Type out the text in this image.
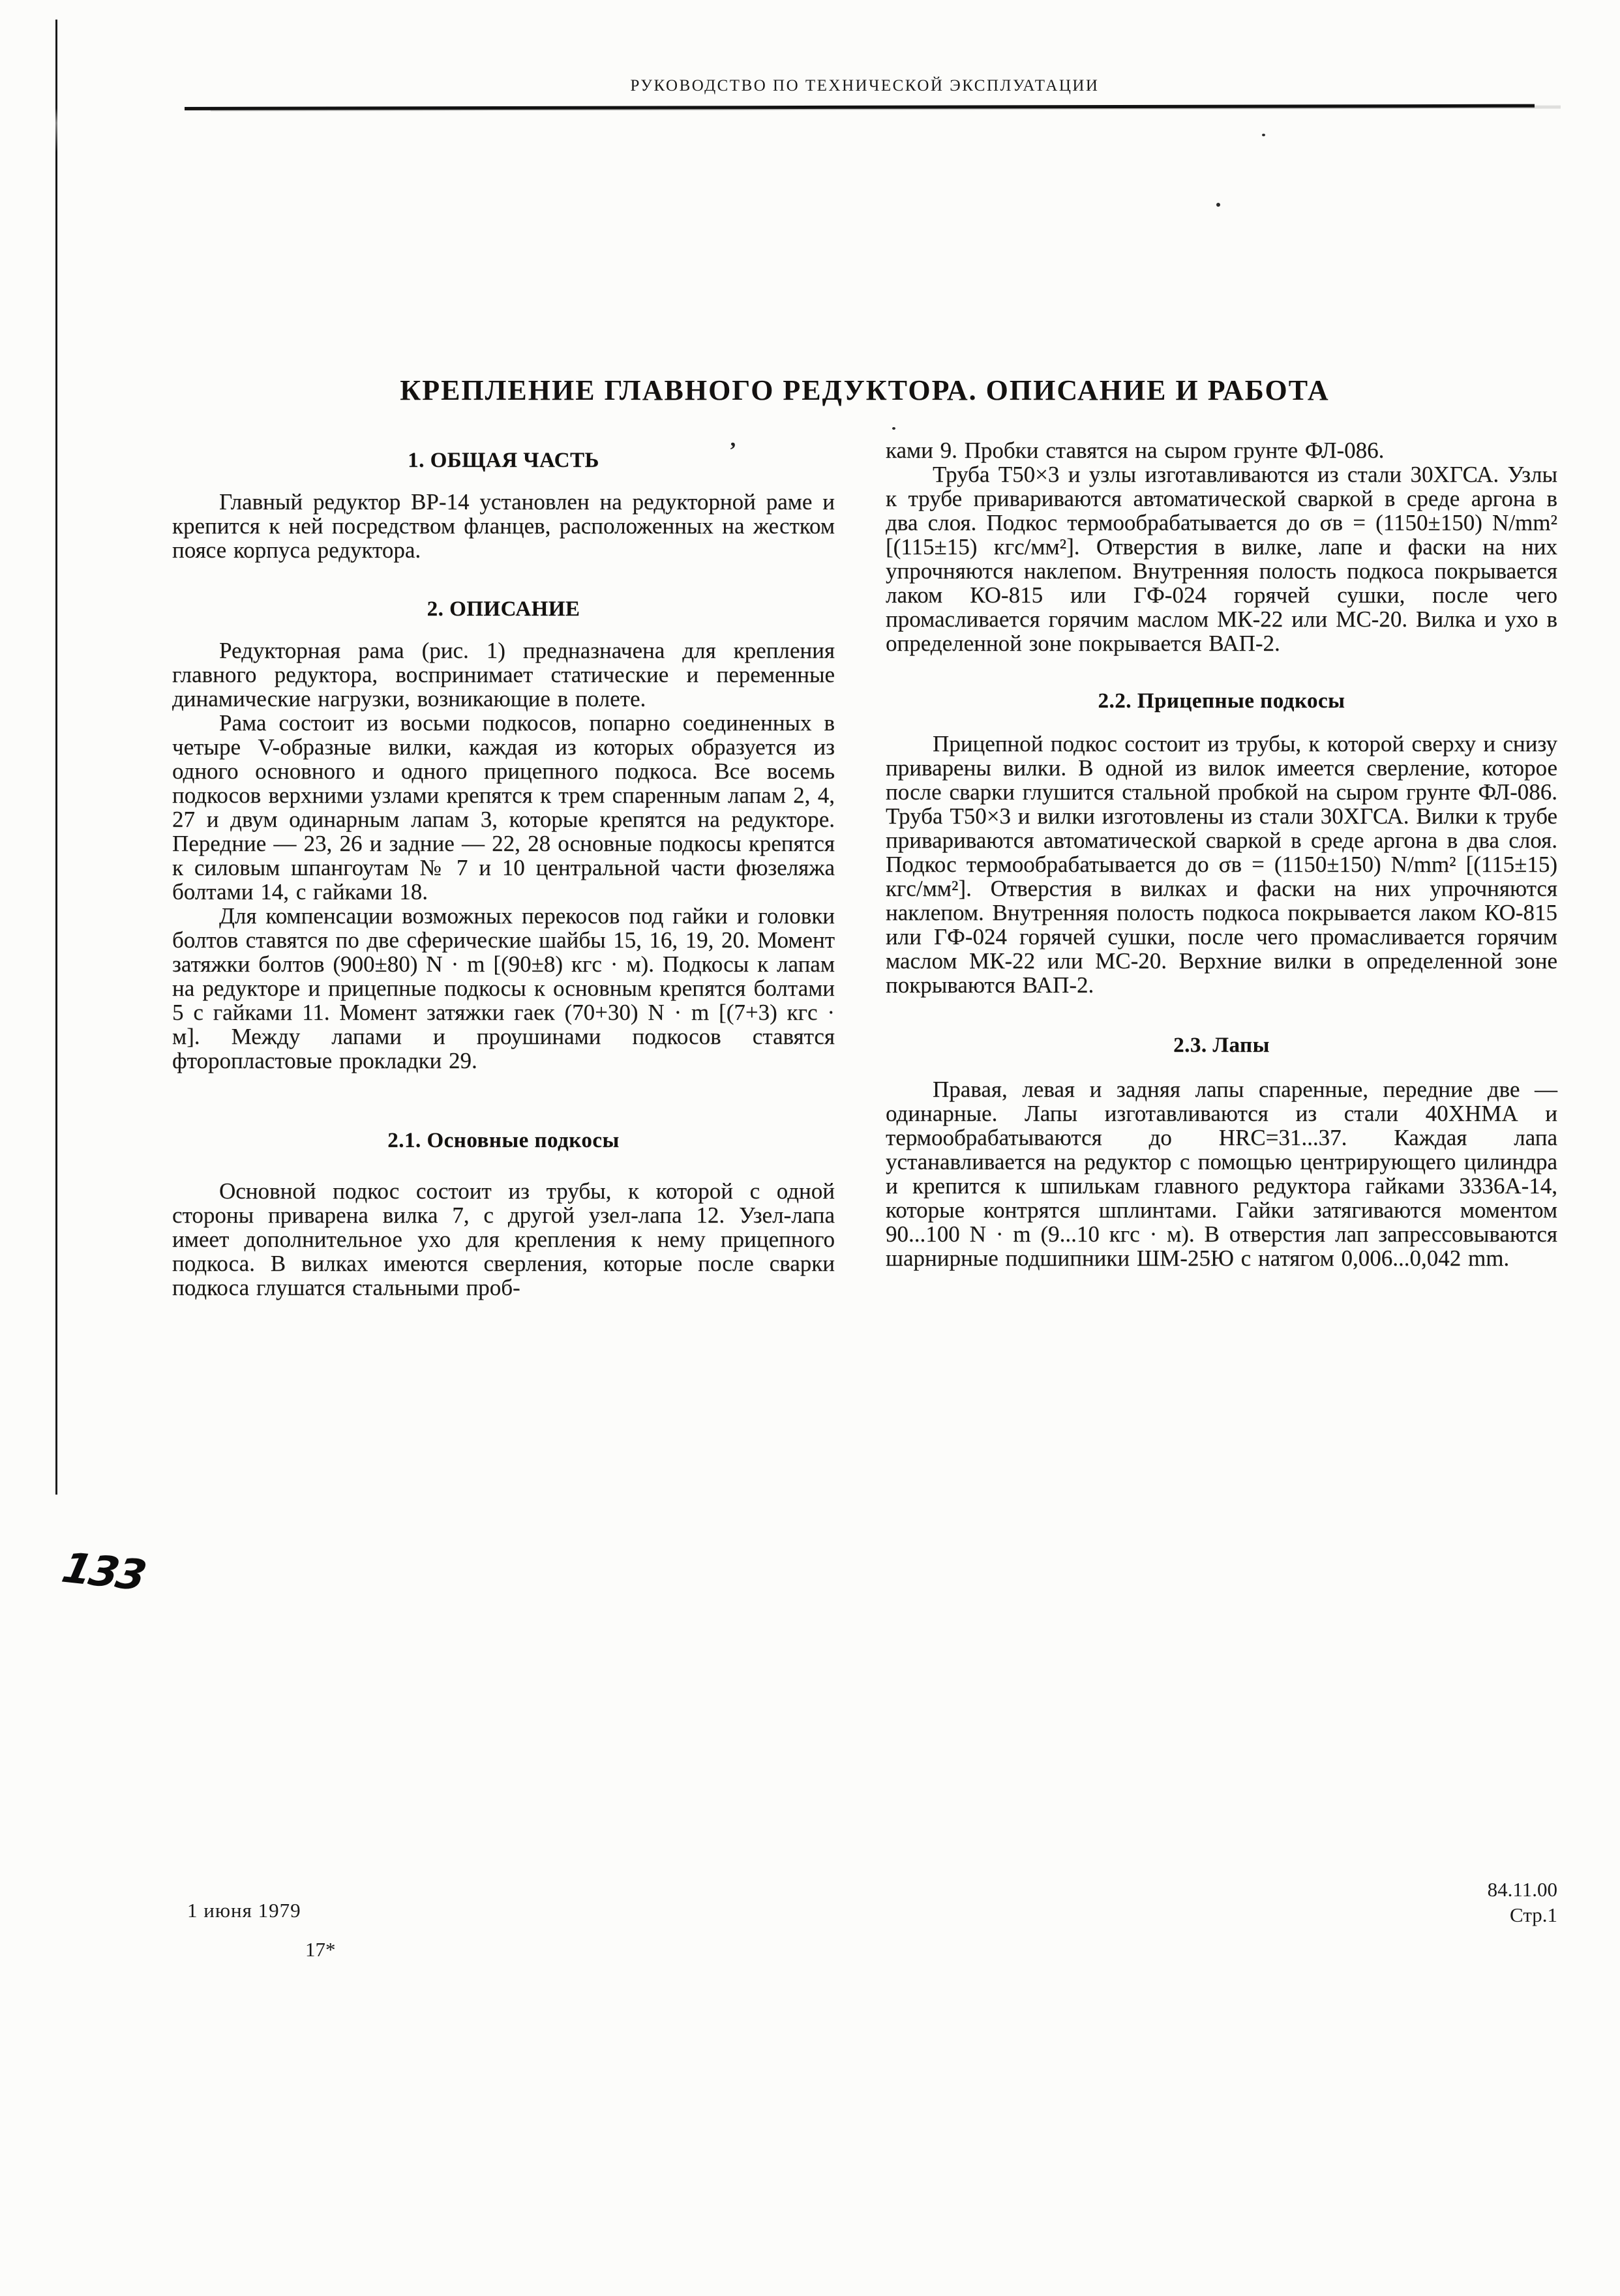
РУКОВОДСТВО ПО ТЕХНИЧЕСКОЙ ЭКСПЛУАТАЦИИ
КРЕПЛЕНИЕ ГЛАВНОГО РЕДУКТОРА. ОПИСАНИЕ И РАБОТА
’
1. ОБЩАЯ ЧАСТЬ

Главный редуктор ВР-14 установлен на редукторной раме и крепится к ней посредством фланцев, расположенных на жестком поясе корпуса редуктора.

2. ОПИСАНИЕ

Редукторная рама (рис. 1) предназначена для крепления главного редуктора, воспринимает статические и переменные динамические нагрузки, возникающие в полете.

Рама состоит из восьми подкосов, попарно соединенных в четыре V-образные вилки, каждая из которых образуется из одного основного и одного прицепного подкоса. Все восемь подкосов верхними узлами крепятся к трем спаренным лапам 2, 4, 27 и двум одинарным лапам 3, которые крепятся на редукторе. Передние — 23, 26 и задние — 22, 28 основные подкосы крепятся к силовым шпангоутам № 7 и 10 центральной части фюзеляжа болтами 14, с гайками 18.

Для компенсации возможных перекосов под гайки и головки болтов ставятся по две сферические шайбы 15, 16, 19, 20. Момент затяжки болтов (900±80) N · m [(90±8) кгс · м). Подкосы к лапам на редукторе и прицепные подкосы к основным крепятся болтами 5 с гайками 11. Момент затяжки гаек (70+30) N · m [(7+3) кгс · м]. Между лапами и проушинами подкосов ставятся фторопластовые прокладки 29.

2.1. Основные подкосы

Основной подкос состоит из трубы, к которой с одной стороны приварена вилка 7, с другой узел-лапа 12. Узел-лапа имеет дополнительное ухо для крепления к нему прицепного подкоса. В вилках имеются сверления, которые после сварки подкоса глушатся стальными проб-

ками 9. Пробки ставятся на сыром грунте ФЛ-086.

Труба Т50×3 и узлы изготавливаются из стали 30ХГСА. Узлы к трубе привариваются автоматической сваркой в среде аргона в два слоя. Подкос термообрабатывается до σв = (1150±150) N/mm² [(115±15) кгс/мм²]. Отверстия в вилке, лапе и фаски на них упрочняются наклепом. Внутренняя полость подкоса покрывается лаком КО-815 или ГФ-024 горячей сушки, после чего промасливается горячим маслом МК-22 или МС-20. Вилка и ухо в определенной зоне покрывается ВАП-2.

2.2. Прицепные подкосы

Прицепной подкос состоит из трубы, к которой сверху и снизу приварены вилки. В одной из вилок имеется сверление, которое после сварки глушится стальной пробкой на сыром грунте ФЛ-086. Труба Т50×3 и вилки изготовлены из стали 30ХГСА. Вилки к трубе привариваются автоматической сваркой в среде аргона в два слоя. Подкос термообрабатывается до σв = (1150±150) N/mm² [(115±15) кгс/мм²]. Отверстия в вилках и фаски на них упрочняются наклепом. Внутренняя полость подкоса покрывается лаком КО-815 или ГФ-024 горячей сушки, после чего промасливается горячим маслом МК-22 или МС-20. Верхние вилки в определенной зоне покрываются ВАП-2.

2.3. Лапы

Правая, левая и задняя лапы спаренные, передние две — одинарные. Лапы изготавливаются из стали 40ХНМА и термообрабатываются до HRC=31...37. Каждая лапа устанавливается на редуктор с помощью центрирующего цилиндра и крепится к шпилькам главного редуктора гайками 3336А-14, которые контрятся шплинтами. Гайки затягиваются моментом 90...100 N · m (9...10 кгс · м). В отверстия лап запрессовываются шарнирные подшипники ШМ-25Ю с натягом 0,006...0,042 mm.

133
1 июня 1979
17*
84.11.00
Стр.1
